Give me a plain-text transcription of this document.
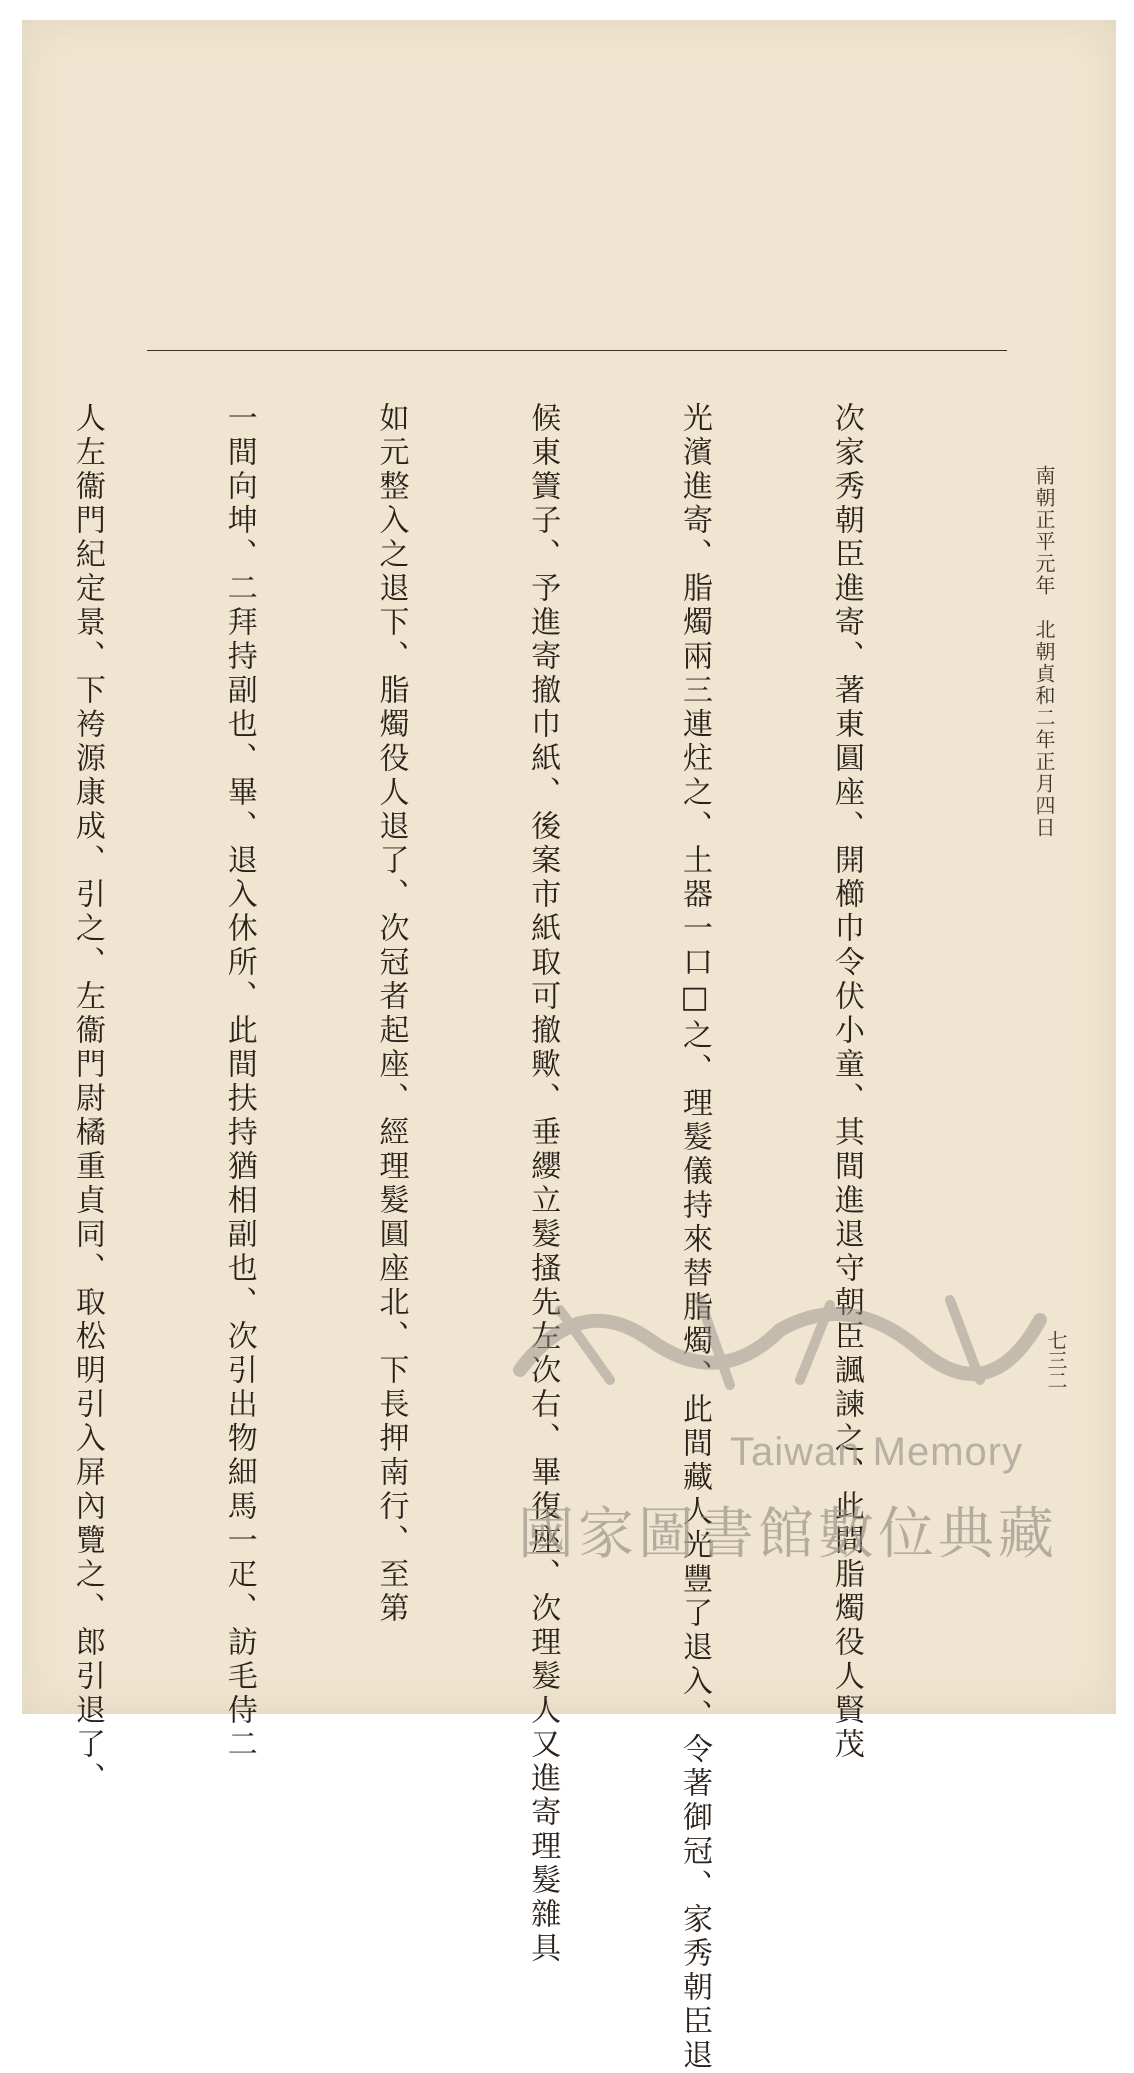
南朝正平元年　北朝貞和二年正月四日
七三二

次家秀朝臣進寄、著東圓座、開櫛巾令伏小童、其間進退守朝臣諷諫之、此間脂燭役人賢茂

光濱進寄、脂燭兩三連炷之、土器一口□之、理髮儀持來替脂燭、此間藏人光豐了退入、令著御冠、家秀朝臣退

候東簀子、予進寄撤巾紙、後案市紙取可撤歟、垂纓立髮搔先左次右、畢復座、次理髮人又進寄理髮雜具

如元整入之退下、脂燭役人退了、次冠者起座、經理髮圓座北、下長押南行、至第

一間向坤、二拜持副也、畢、退入休所、此間扶持猶相副也、次引出物細馬一疋、訪毛侍二

人左衞門紀定景、下袴源康成、引之、左衞門尉橘重貞同、取松明引入屏內覽之、郎引退了、

	Taiwan Memory
國家圖書館數位典藏
